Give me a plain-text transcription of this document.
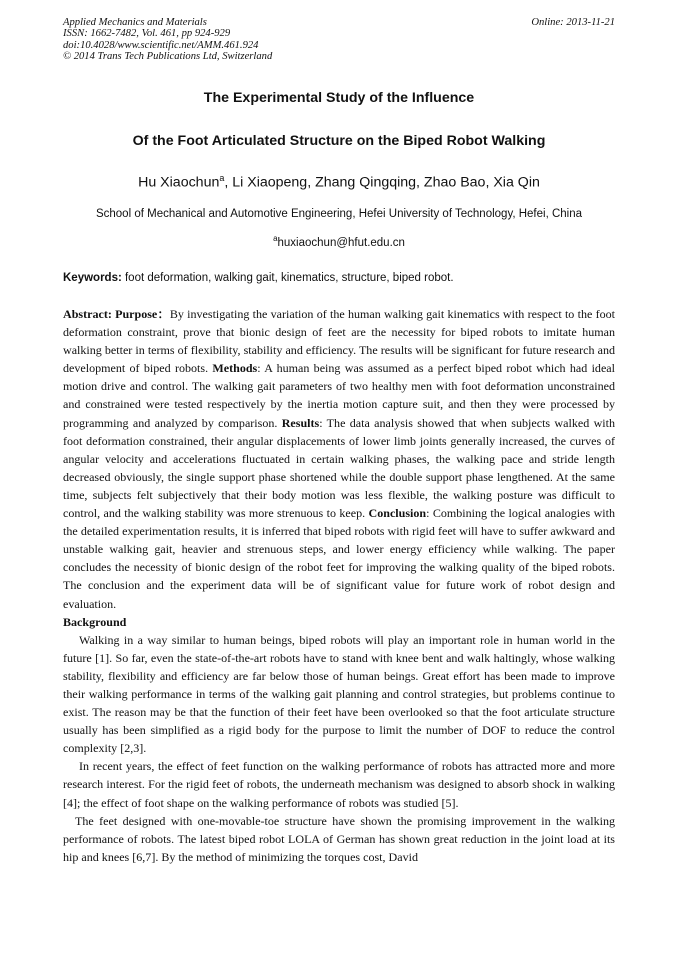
Applied Mechanics and Materials
ISSN: 1662-7482, Vol. 461, pp 924-929
doi:10.4028/www.scientific.net/AMM.461.924
© 2014 Trans Tech Publications Ltd, Switzerland
Online: 2013-11-21
The Experimental Study of the Influence
Of the Foot Articulated Structure on the Biped Robot Walking
Hu Xiaochun$^a$, Li Xiaopeng, Zhang Qingqing, Zhao Bao, Xia Qin
School of Mechanical and Automotive Engineering, Hefei University of Technology, Hefei, China
$^a$huxiaochun@hfut.edu.cn
Keywords: foot deformation, walking gait, kinematics, structure, biped robot.

Abstract: Purpose：By investigating the variation of the human walking gait kinematics with respect to the foot deformation constraint, prove that bionic design of feet are the necessity for biped robots to imitate human walking better in terms of flexibility, stability and efficiency. The results will be significant for future research and development of biped robots. Methods: A human being was assumed as a perfect biped robot which had ideal motion drive and control. The walking gait parameters of two healthy men with foot deformation unconstrained and constrained were tested respectively by the inertia motion capture suit, and then they were processed by programming and analyzed by comparison. Results: The data analysis showed that when subjects walked with foot deformation constrained, their angular displacements of lower limb joints generally increased, the curves of angular velocity and accelerations fluctuated in certain walking phases, the walking pace and stride length decreased obviously, the single support phase shortened while the double support phase lengthened. At the same time, subjects felt subjectively that their body motion was less flexible, the walking posture was difficult to control, and the walking stability was more strenuous to keep. Conclusion: Combining the logical analogies with the detailed experimentation results, it is inferred that biped robots with rigid feet will have to suffer awkward and unstable walking gait, heavier and strenuous steps, and lower energy efficiency while walking. The paper concludes the necessity of bionic design of the robot feet for improving the walking quality of the biped robots. The conclusion and the experiment data will be of significant value for future work of robot design and evaluation.

Background

Walking in a way similar to human beings, biped robots will play an important role in human world in the future [1]. So far, even the state-of-the-art robots have to stand with knee bent and walk haltingly, whose walking stability, flexibility and efficiency are far below those of human beings. Great effort has been made to improve their walking performance in terms of the walking gait planning and control strategies, but problems continue to exist. The reason may be that the function of their feet have been overlooked so that the foot articulate structure usually has been simplified as a rigid body for the purpose to limit the number of DOF to reduce the control complexity [2,3].

In recent years, the effect of feet function on the walking performance of robots has attracted more and more research interest. For the rigid feet of robots, the underneath mechanism was designed to absorb shock in walking [4]; the effect of foot shape on the walking performance of robots was studied [5].

The feet designed with one-movable-toe structure have shown the promising improvement in the walking performance of robots. The latest biped robot LOLA of German has shown great reduction in the joint load at its hip and knees [6,7]. By the method of minimizing the torques cost, David
